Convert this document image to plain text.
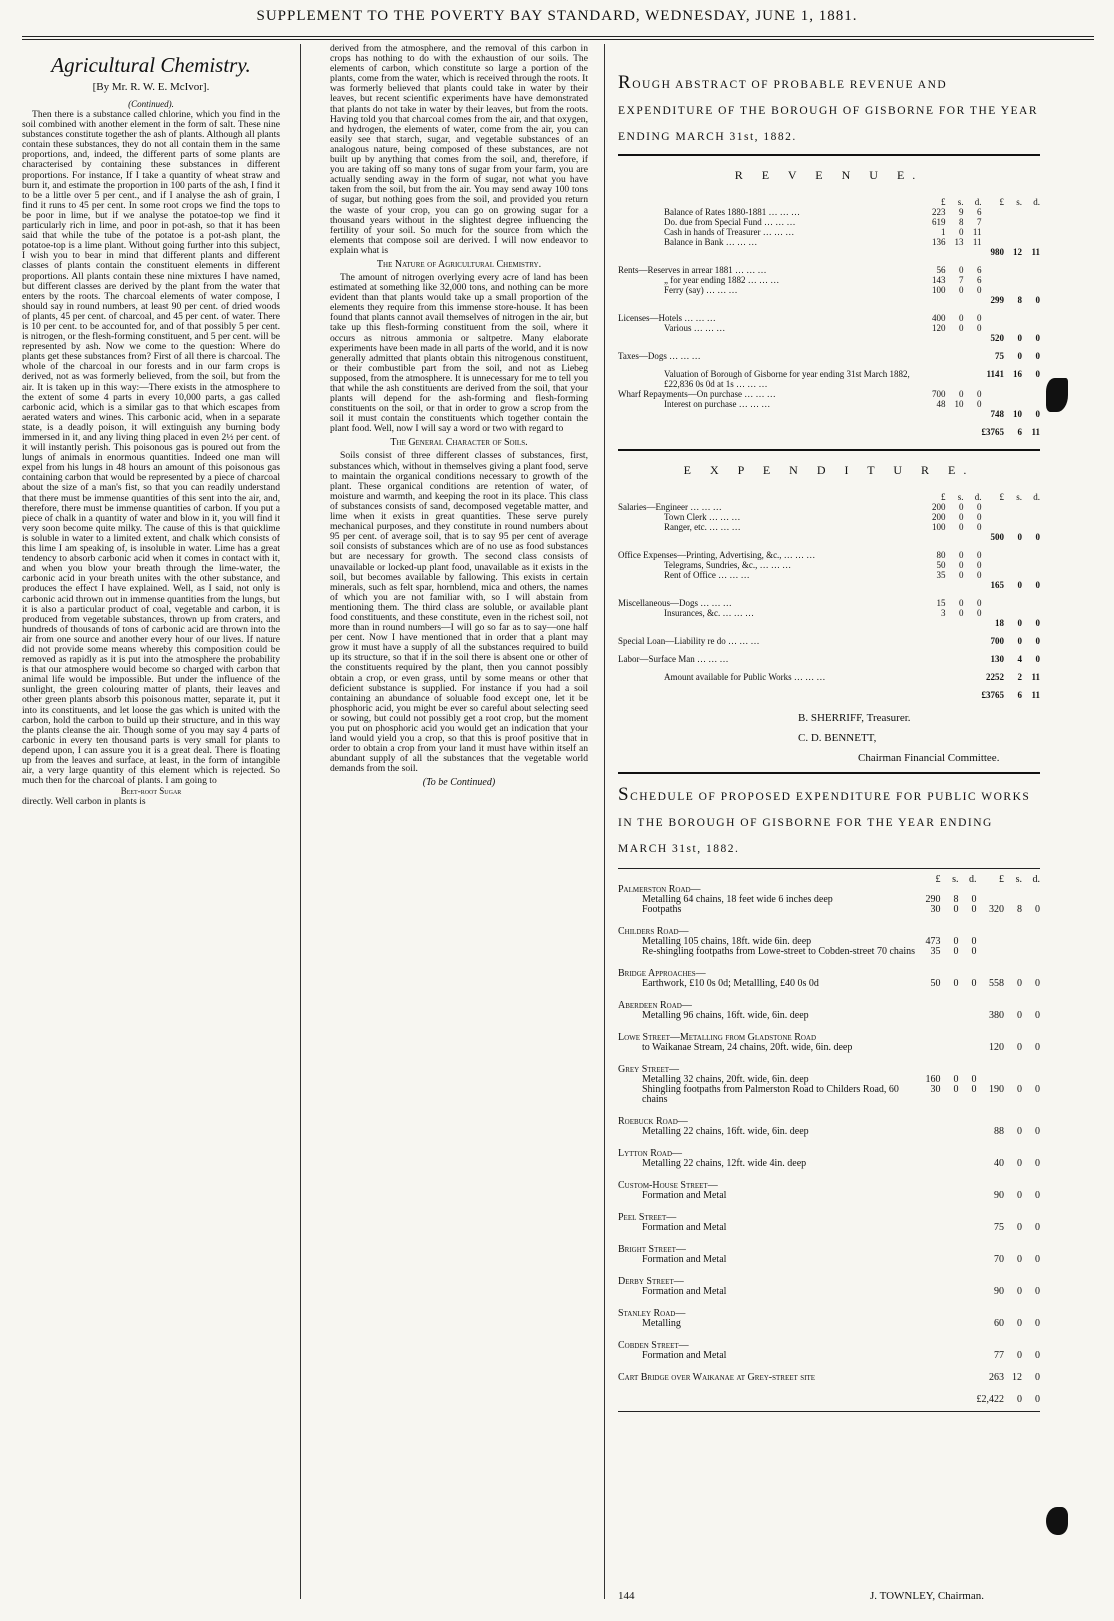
SUPPLEMENT TO THE POVERTY BAY STANDARD, WEDNESDAY, JUNE 1, 1881.
Agricultural Chemistry.
[By Mr. R. W. E. McIvor].
(Continued).

Then there is a substance called chlorine, which you find in the soil combined with another element in the form of salt. These nine substances constitute together the ash of plants. Although all plants contain these substances, they do not all contain them in the same proportions, and, indeed, the different parts of some plants are characterised by containing these substances in different proportions. For instance, If I take a quantity of wheat straw and burn it, and estimate the proportion in 100 parts of the ash, I find it to be a little over 5 per cent., and if I analyse the ash of grain, I find it runs to 45 per cent. In some root crops we find the tops to be poor in lime, but if we analyse the potatoe-top we find it particularly rich in lime, and poor in pot-ash, so that it has been said that while the tube of the potatoe is a pot-ash plant, the potatoe-top is a lime plant. Without going further into this subject, I wish you to bear in mind that different plants and different classes of plants contain the constituent elements in different proportions. All plants contain these nine mixtures I have named, but different classes are derived by the plant from the water that enters by the roots. The charcoal elements of water compose, I should say in round numbers, at least 90 per cent. of dried woods of plants, 45 per cent. of charcoal, and 45 per cent. of water. There is 10 per cent. to be accounted for, and of that possibly 5 per cent. is nitrogen, or the flesh-forming constituent, and 5 per cent. will be represented by ash. Now we come to the question: Where do plants get these substances from? First of all there is charcoal. The whole of the charcoal in our forests and in our farm crops is derived, not as was formerly believed, from the soil, but from the air. It is taken up in this way:—There exists in the atmosphere to the extent of some 4 parts in every 10,000 parts, a gas called carbonic acid, which is a similar gas to that which escapes from aerated waters and wines. This carbonic acid, when in a separate state, is a deadly poison, it will extinguish any burning body immersed in it, and any living thing placed in even 2½ per cent. of it will instantly perish. This poisonous gas is poured out from the lungs of animals in enormous quantities. Indeed one man will expel from his lungs in 48 hours an amount of this poisonous gas containing carbon that would be represented by a piece of charcoal about the size of a man's fist, so that you can readily understand that there must be immense quantities of this sent into the air, and, therefore, there must be immense quantities of carbon. If you put a piece of chalk in a quantity of water and blow in it, you will find it very soon become quite milky. The cause of this is that quicklime is soluble in water to a limited extent, and chalk which consists of this lime I am speaking of, is insoluble in water. Lime has a great tendency to absorb carbonic acid when it comes in contact with it, and when you blow your breath through the lime-water, the carbonic acid in your breath unites with the other substance, and produces the effect I have explained. Well, as I said, not only is carbonic acid thrown out in immense quantities from the lungs, but it is also a particular product of coal, vegetable and carbon, it is produced from vegetable substances, thrown up from craters, and hundreds of thousands of tons of carbonic acid are thrown into the air from one source and another every hour of our lives. If nature did not provide some means whereby this composition could be removed as rapidly as it is put into the atmosphere the probability is that our atmosphere would become so charged with carbon that animal life would be impossible. But under the influence of the sunlight, the green colouring matter of plants, their leaves and other green plants absorb this poisonous matter, separate it, put it into its constituents, and let loose the gas which is united with the carbon, hold the carbon to build up their structure, and in this way the plants cleanse the air. Though some of you may say 4 parts of carbonic in every ten thousand parts is very small for plants to depend upon, I can assure you it is a great deal. There is floating up from the leaves and surface, at least, in the form of intangible air, a very large quantity of this element which is rejected. So much then for the charcoal of plants. I am going to

Beet-root Sugar

directly. Well carbon in plants is

derived from the atmosphere, and the removal of this carbon in crops has nothing to do with the exhaustion of our soils. The elements of carbon, which constitute so large a portion of the plants, come from the water, which is received through the roots. It was formerly believed that plants could take in water by their leaves, but recent scientific experiments have have demonstrated that plants do not take in water by their leaves, but from the roots. Having told you that charcoal comes from the air, and that oxygen, and hydrogen, the elements of water, come from the air, you can easily see that starch, sugar, and vegetable substances of an analogous nature, being composed of these substances, are not built up by anything that comes from the soil, and, therefore, if you are taking off so many tons of sugar from your farm, you are actually sending away in the form of sugar, not what you have taken from the soil, but from the air. You may send away 100 tons of sugar, but nothing goes from the soil, and provided you return the waste of your crop, you can go on growing sugar for a thousand years without in the slightest degree influencing the fertility of your soil. So much for the source from which the elements that compose soil are derived. I will now endeavor to explain what is

The Nature of Agricultural Chemistry.

The amount of nitrogen overlying every acre of land has been estimated at something like 32,000 tons, and nothing can be more evident than that plants would take up a small proportion of the elements they require from this immense store-house. It has been found that plants cannot avail themselves of nitrogen in the air, but take up this flesh-forming constituent from the soil, where it occurs as nitrous ammonia or saltpetre. Many elaborate experiments have been made in all parts of the world, and it is now generally admitted that plants obtain this nitrogenous constituent, or their combustible part from the soil, and not as Liebeg supposed, from the atmosphere. It is unnecessary for me to tell you that while the ash constituents are derived from the soil, that your plants will depend for the ash-forming and flesh-forming constituents on the soil, or that in order to grow a scrop from the soil it must contain the constituents which together contain the plant food. Well, now I will say a word or two with regard to

The General Character of Soils.

Soils consist of three different classes of substances, first, substances which, without in themselves giving a plant food, serve to maintain the organical conditions necessary to growth of the plant. These organical conditions are retention of water, of moisture and warmth, and keeping the root in its place. This class of substances consists of sand, decomposed vegetable matter, and lime when it exists in great quantities. These serve purely mechanical purposes, and they constitute in round numbers about 95 per cent. of average soil, that is to say 95 per cent of average soil consists of substances which are of no use as food substances but are necessary for growth. The second class consists of unavailable or locked-up plant food, unavailable as it exists in the soil, but becomes available by fallowing. This exists in certain minerals, such as felt spar, hornblend, mica and others, the names of which you are not familiar with, so I will abstain from mentioning them. The third class are soluble, or available plant food constituents, and these constitute, even in the richest soil, not more than in round numbers—I will go so far as to say—one half per cent. Now I have mentioned that in order that a plant may grow it must have a supply of all the substances required to build up its structure, so that if in the soil there is absent one or other of the constituents required by the plant, then you cannot possibly obtain a crop, or even grass, until by some means or other that deficient substance is supplied. For instance if you had a soil containing an abundance of soluable food except one, let it be phosphoric acid, you might be ever so careful about selecting seed or sowing, but could not possibly get a root crop, but the moment you put on phosphoric acid you would get an indication that your land would yield you a crop, so that this is proof positive that in order to obtain a crop from your land it must have within itself an abundant supply of all the substances that the vegetable world demands from the soil.

(To be Continued)
ROUGH ABSTRACT OF PROBABLE REVENUE AND EXPENDITURE OF THE BOROUGH OF GISBORNE FOR THE YEAR ENDING MARCH 31st, 1882.
R E V E N U E.
	£	s.	d.	£	s.	d.
Balance of Rates 1880-1881 … … …	223	9	6			
Do. due from Special Fund … … …	619	8	7			
Cash in hands of Treasurer … … …	1	0	11			
Balance in Bank … … …	136	13	11			
				980	12	11
Rents—Reserves in arrear 1881 … … …	56	0	6			
„ for year ending 1882 … … …	143	7	6			
Ferry (say) … … …	100	0	0			
				299	8	0
Licenses—Hotels … … …	400	0	0			
Various … … …	120	0	0			
				520	0	0
Taxes—Dogs … … …				75	0	0
Valuation of Borough of Gisborne for year ending 31st March 1882, £22,836 0s 0d at 1s … … …				1141	16	0
Wharf Repayments—On purchase … … …	700	0	0			
Interest on purchase … … …	48	10	0			
				748	10	0
				£3765	6	11
E X P E N D I T U R E.
	£	s.	d.	£	s.	d.
Salaries—Engineer … … …	200	0	0			
Town Clerk … … …	200	0	0			
Ranger, etc. … … …	100	0	0			
				500	0	0
Office Expenses—Printing, Advertising, &c., … … …	80	0	0			
Telegrams, Sundries, &c., … … …	50	0	0			
Rent of Office … … …	35	0	0			
				165	0	0
Miscellaneous—Dogs … … …	15	0	0			
Insurances, &c. … … …	3	0	0			
				18	0	0
Special Loan—Liability re do … … …				700	0	0
Labor—Surface Man … … …				130	4	0
Amount available for Public Works … … …				2252	2	11
				£3765	6	11
B. SHERRIFF, Treasurer.
C. D. BENNETT,
Chairman Financial Committee.
SCHEDULE OF PROPOSED EXPENDITURE FOR PUBLIC WORKS IN THE BOROUGH OF GISBORNE FOR THE YEAR ENDING MARCH 31st, 1882.
	£	s.	d.	£	s.	d.
Palmerston Road—						
Metalling 64 chains, 18 feet wide 6 inches deep	290	8	0			
Footpaths	30	0	0	320	8	0

Childers Road—						
Metalling 105 chains, 18ft. wide 6in. deep	473	0	0			
Re-shingling footpaths from Lowe-street to Cobden-street 70 chains	35	0	0			

Bridge Approaches—						
Earthwork, £10 0s 0d; Metallling, £40 0s 0d	50	0	0	558	0	0

Aberdeen Road—						
Metalling 96 chains, 16ft. wide, 6in. deep				380	0	0

Lowe Street—Metalling from Gladstone Road						
to Waikanae Stream, 24 chains, 20ft. wide, 6in. deep				120	0	0

Grey Street—						
Metalling 32 chains, 20ft. wide, 6in. deep	160	0	0			
Shingling footpaths from Palmerston Road to Childers Road, 60 chains	30	0	0	190	0	0

Roebuck Road—						
Metalling 22 chains, 16ft. wide, 6in. deep				88	0	0

Lytton Road—						
Metalling 22 chains, 12ft. wide 4in. deep				40	0	0

Custom-House Street—						
Formation and Metal				90	0	0

Peel Street—						
Formation and Metal				75	0	0

Bright Street—						
Formation and Metal				70	0	0

Derby Street—						
Formation and Metal				90	0	0

Stanley Road—						
Metalling				60	0	0

Cobden Street—						
Formation and Metal				77	0	0

Cart Bridge over Waikanae at Grey-street site				263	12	0

				£2,422	0	0
144	J. TOWNLEY, Chairman.
